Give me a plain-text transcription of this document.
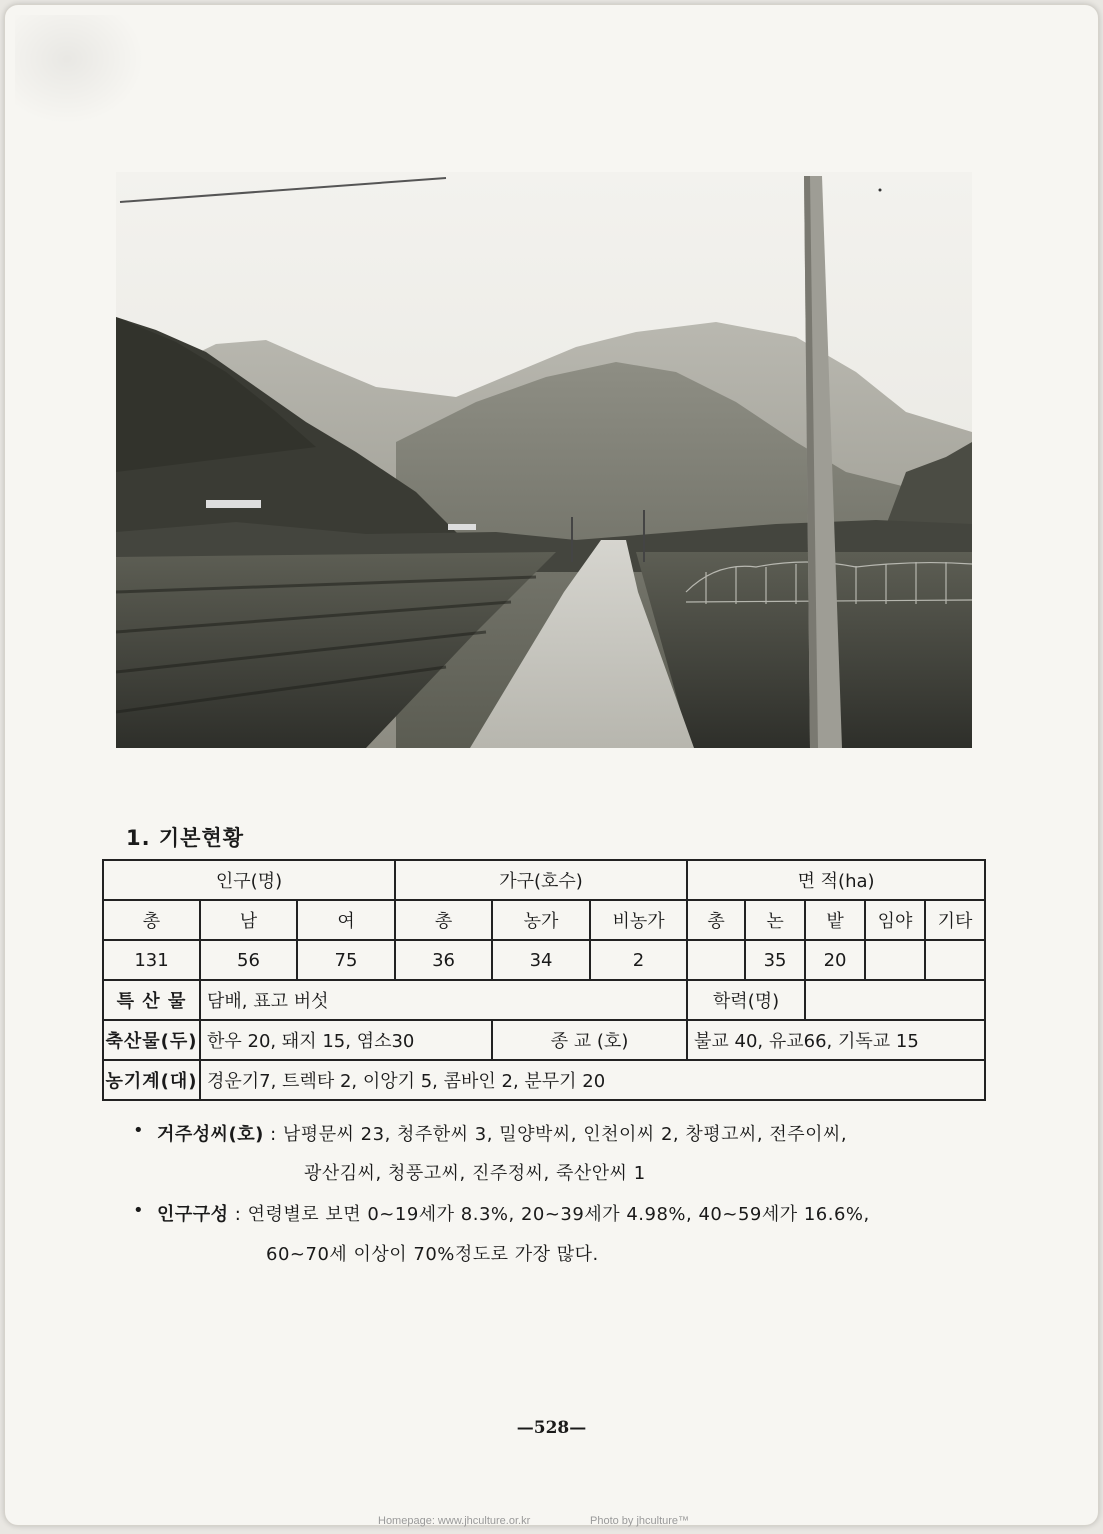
1. 기본현황
인구(명)			가구(호수)			면 적(ha)				
총	남	여	총	농가	비농가	총	논	밭	임야	기타
131	56	75	36	34	2		35	20		
특 산 물	담배, 표고 버섯					학력(명)				
축산물(두)	한우 20, 돼지 15, 염소30			종 교 (호)		불교 40, 유교66, 기독교 15				
농기계(대)	경운기7, 트렉타 2, 이앙기 5, 콤바인 2, 분무기 20									
• 거주성씨(호) : 남평문씨 23, 청주한씨 3, 밀양박씨, 인천이씨 2, 창평고씨, 전주이씨,
광산김씨, 청풍고씨, 진주정씨, 죽산안씨 1
• 인구구성 : 연령별로 보면 0~19세가 8.3%, 20~39세가 4.98%, 40~59세가 16.6%,
60~70세 이상이 70%정도로 가장 많다.
—528—
Homepage: www.jhculture.or.kr	Photo by jhculture™
